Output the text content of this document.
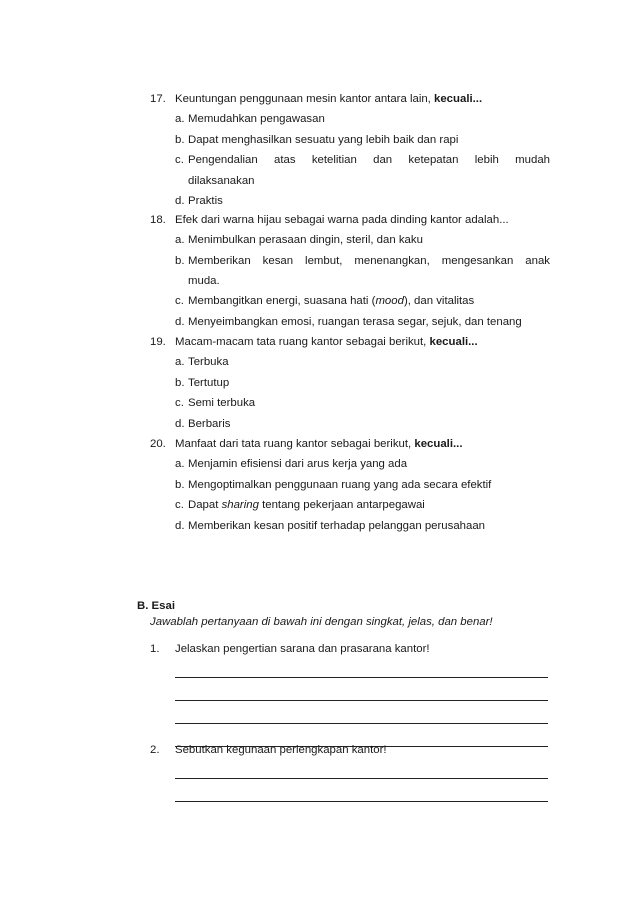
17. Keuntungan penggunaan mesin kantor antara lain, kecuali...
a. Memudahkan pengawasan
b. Dapat menghasilkan sesuatu yang lebih baik dan rapi
c. Pengendalian atas ketelitian dan ketepatan lebih mudah
dilaksanakan
d. Praktis
18. Efek dari warna hijau sebagai warna pada dinding kantor adalah...
a. Menimbulkan perasaan dingin, steril, dan kaku
b. Memberikan kesan lembut, menenangkan, mengesankan anak
muda.
c. Membangitkan energi, suasana hati (mood), dan vitalitas
d. Menyeimbangkan emosi, ruangan terasa segar, sejuk, dan tenang
19. Macam-macam tata ruang kantor sebagai berikut, kecuali...
a. Terbuka
b. Tertutup
c. Semi terbuka
d. Berbaris
20. Manfaat dari tata ruang kantor sebagai berikut, kecuali...
a. Menjamin efisiensi dari arus kerja yang ada
b. Mengoptimalkan penggunaan ruang yang ada secara efektif
c. Dapat sharing tentang pekerjaan antarpegawai
d. Memberikan kesan positif terhadap pelanggan perusahaan
B. Esai
Jawablah pertanyaan di bawah ini dengan singkat, jelas, dan benar!
1.	Jelaskan pengertian sarana dan prasarana kantor!
2.	Sebutkan kegunaan perlengkapan kantor!
